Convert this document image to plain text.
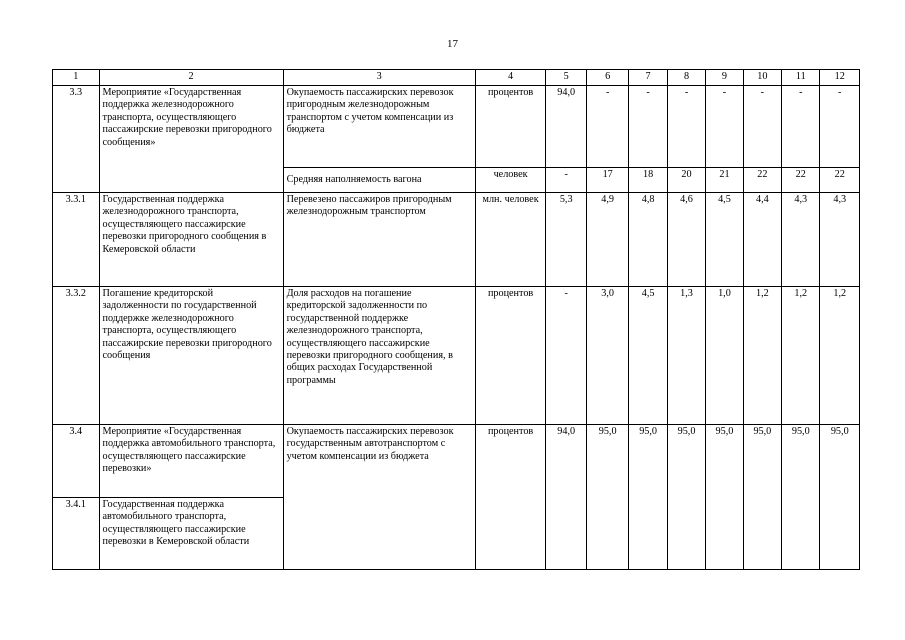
17
1	2	3	4	5	6	7	8	9	10	11	12
3.3	Мероприятие «Государственная поддержка железнодорожного транспорта, осуществляющего пассажирские перевозки пригородного сообщения»	Окупаемость пассажирских перевозок пригородным железнодорожным транспортом с учетом компенсации из бюджета	процентов	94,0	-	-	-	-	-	-	-
		Средняя наполняемость вагона	человек	-	17	18	20	21	22	22	22
3.3.1	Государственная поддержка железнодорожного транспорта, осуществляющего пассажирские перевозки пригородного сообщения в Кемеровской области	Перевезено пассажиров пригородным железнодорожным транспортом	млн. человек	5,3	4,9	4,8	4,6	4,5	4,4	4,3	4,3
3.3.2	Погашение кредиторской задолженности по государственной поддержке железнодорожного транспорта, осуществляющего пассажирские перевозки пригородного сообщения	Доля расходов на погашение кредиторской задолженности по государственной поддержке железнодорожного транспорта, осуществляющего пассажирские перевозки пригородного сообщения, в общих расходах Государственной программы	процентов	-	3,0	4,5	1,3	1,0	1,2	1,2	1,2
3.4	Мероприятие «Государственная поддержка автомобильного транспорта, осуществляющего пассажирские перевозки»	Окупаемость пассажирских перевозок государственным автотранспортом с учетом компенсации из бюджета	процентов	94,0	95,0	95,0	95,0	95,0	95,0	95,0	95,0
3.4.1	Государственная поддержка автомобильного транспорта, осуществляющего пассажирские перевозки в Кемеровской области										
